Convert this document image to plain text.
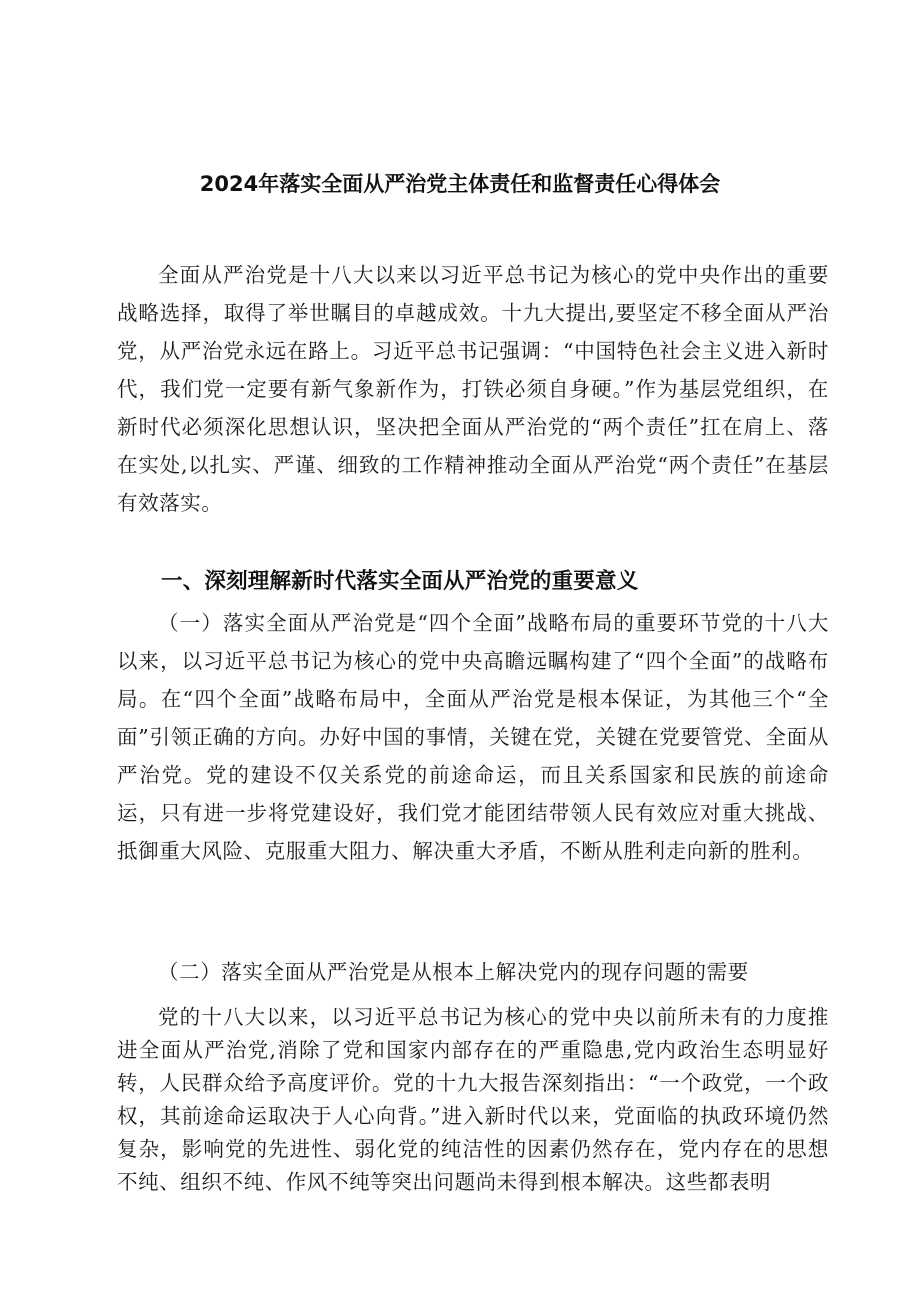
2024年落实全面从严治党主体责任和监督责任心得体会

全面从严治党是十八大以来以习近平总书记为核心的党中央作出的重要战略选择，取得了举世瞩目的卓越成效。十九大提出,要坚定不移全面从严治党，从严治党永远在路上。习近平总书记强调：“中国特色社会主义进入新时代，我们党一定要有新气象新作为，打铁必须自身硬。”作为基层党组织，在新时代必须深化思想认识，坚决把全面从严治党的“两个责任”扛在肩上、落在实处,以扎实、严谨、细致的工作精神推动全面从严治党“两个责任”在基层有效落实。

一、深刻理解新时代落实全面从严治党的重要意义

（一）落实全面从严治党是“四个全面”战略布局的重要环节党的十八大以来，以习近平总书记为核心的党中央高瞻远瞩构建了“四个全面”的战略布局。在“四个全面”战略布局中，全面从严治党是根本保证，为其他三个“全面”引领正确的方向。办好中国的事情，关键在党，关键在党要管党、全面从严治党。党的建设不仅关系党的前途命运，而且关系国家和民族的前途命运，只有进一步将党建设好，我们党才能团结带领人民有效应对重大挑战、抵御重大风险、克服重大阻力、解决重大矛盾，不断从胜利走向新的胜利。

（二）落实全面从严治党是从根本上解决党内的现存问题的需要

党的十八大以来，以习近平总书记为核心的党中央以前所未有的力度推进全面从严治党,消除了党和国家内部存在的严重隐患,党内政治生态明显好转，人民群众给予高度评价。党的十九大报告深刻指出：“一个政党，一个政权，其前途命运取决于人心向背。”进入新时代以来，党面临的执政环境仍然复杂，影响党的先进性、弱化党的纯洁性的因素仍然存在，党内存在的思想不纯、组织不纯、作风不纯等突出问题尚未得到根本解决。这些都表明
